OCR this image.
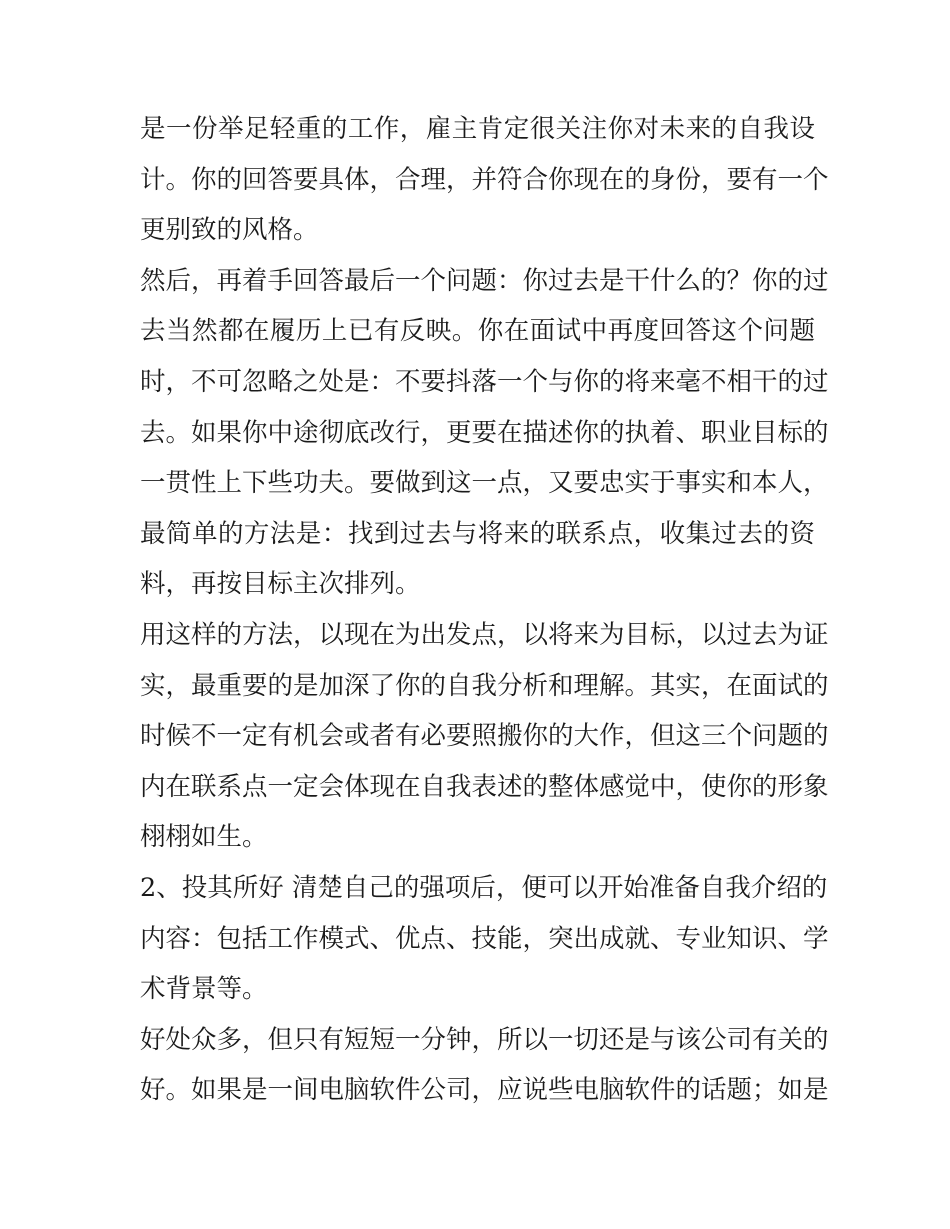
是一份举足轻重的工作，雇主肯定很关注你对未来的自我设
计。你的回答要具体，合理，并符合你现在的身份，要有一个
更别致的风格。
然后，再着手回答最后一个问题：你过去是干什么的？你的过
去当然都在履历上已有反映。你在面试中再度回答这个问题
时，不可忽略之处是：不要抖落一个与你的将来毫不相干的过
去。如果你中途彻底改行，更要在描述你的执着、职业目标的
一贯性上下些功夫。要做到这一点，又要忠实于事实和本人，
最简单的方法是：找到过去与将来的联系点，收集过去的资
料，再按目标主次排列。
用这样的方法，以现在为出发点，以将来为目标，以过去为证
实，最重要的是加深了你的自我分析和理解。其实，在面试的
时候不一定有机会或者有必要照搬你的大作，但这三个问题的
内在联系点一定会体现在自我表述的整体感觉中，使你的形象
栩栩如生。
2、投其所好 清楚自己的强项后，便可以开始准备自我介绍的
内容：包括工作模式、优点、技能，突出成就、专业知识、学
术背景等。
好处众多，但只有短短一分钟，所以一切还是与该公司有关的
好。如果是一间电脑软件公司，应说些电脑软件的话题；如是
